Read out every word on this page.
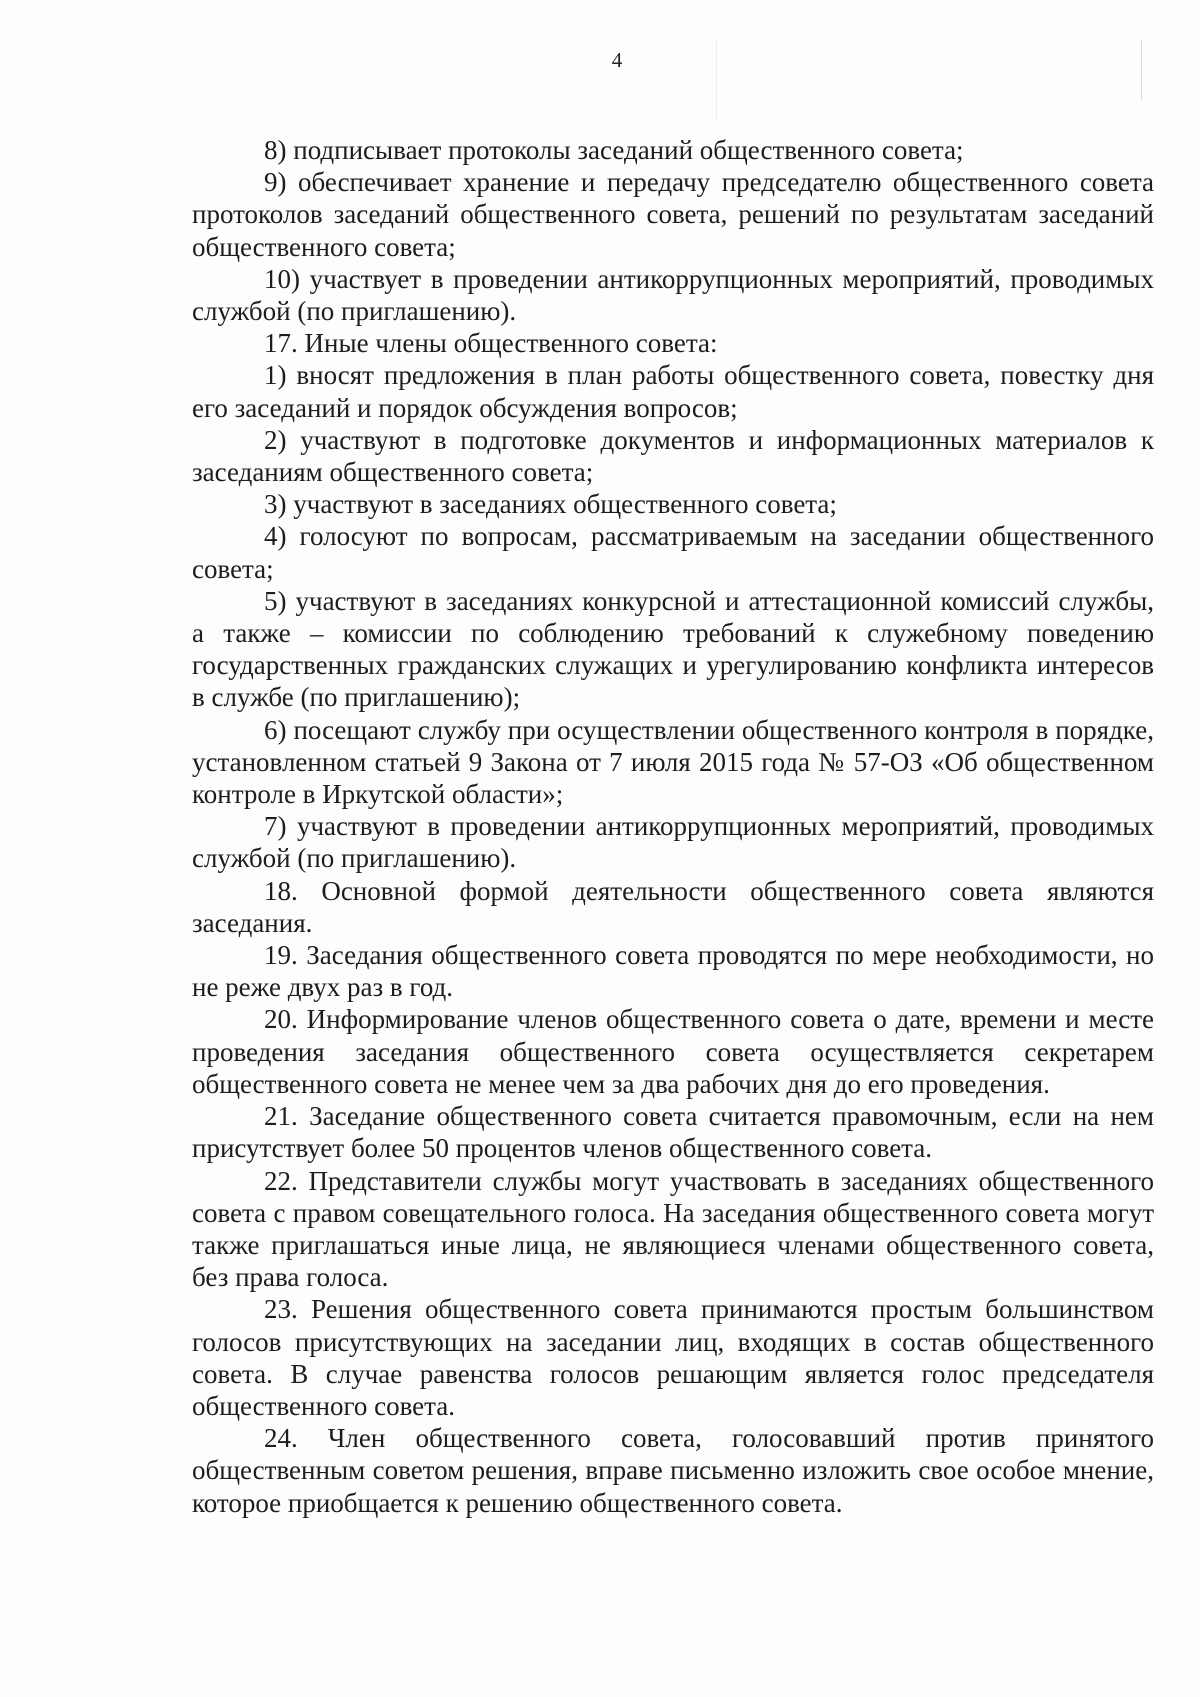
4

8) подписывает протоколы заседаний общественного совета;

9) обеспечивает хранение и передачу председателю общественного совета протоколов заседаний общественного совета, решений по результатам заседаний общественного совета;

10) участвует в проведении антикоррупционных мероприятий, проводимых службой (по приглашению).

17. Иные члены общественного совета:

1) вносят предложения в план работы общественного совета, повестку дня его заседаний и порядок обсуждения вопросов;

2) участвуют в подготовке документов и информационных материалов к заседаниям общественного совета;

3) участвуют в заседаниях общественного совета;

4) голосуют по вопросам, рассматриваемым на заседании общественного совета;

5) участвуют в заседаниях конкурсной и аттестационной комиссий службы, а также – комиссии по соблюдению требований к служебному поведению государственных гражданских служащих и урегулированию конфликта интересов в службе (по приглашению);

6) посещают службу при осуществлении общественного контроля в порядке, установленном статьей 9 Закона от 7 июля 2015 года № 57-ОЗ «Об общественном контроле в Иркутской области»;

7) участвуют в проведении антикоррупционных мероприятий, проводимых службой (по приглашению).

18. Основной формой деятельности общественного совета являются заседания.

19. Заседания общественного совета проводятся по мере необходимости, но не реже двух раз в год.

20. Информирование членов общественного совета о дате, времени и месте проведения заседания общественного совета осуществляется секретарем общественного совета не менее чем за два рабочих дня до его проведения.

21. Заседание общественного совета считается правомочным, если на нем присутствует более 50 процентов членов общественного совета.

22. Представители службы могут участвовать в заседаниях общественного совета с правом совещательного голоса. На заседания общественного совета могут также приглашаться иные лица, не являющиеся членами общественного совета, без права голоса.

23. Решения общественного совета принимаются простым большинством голосов присутствующих на заседании лиц, входящих в состав общественного совета. В случае равенства голосов решающим является голос председателя общественного совета.

24. Член общественного совета, голосовавший против принятого общественным советом решения, вправе письменно изложить свое особое мнение, которое приобщается к решению общественного совета.
